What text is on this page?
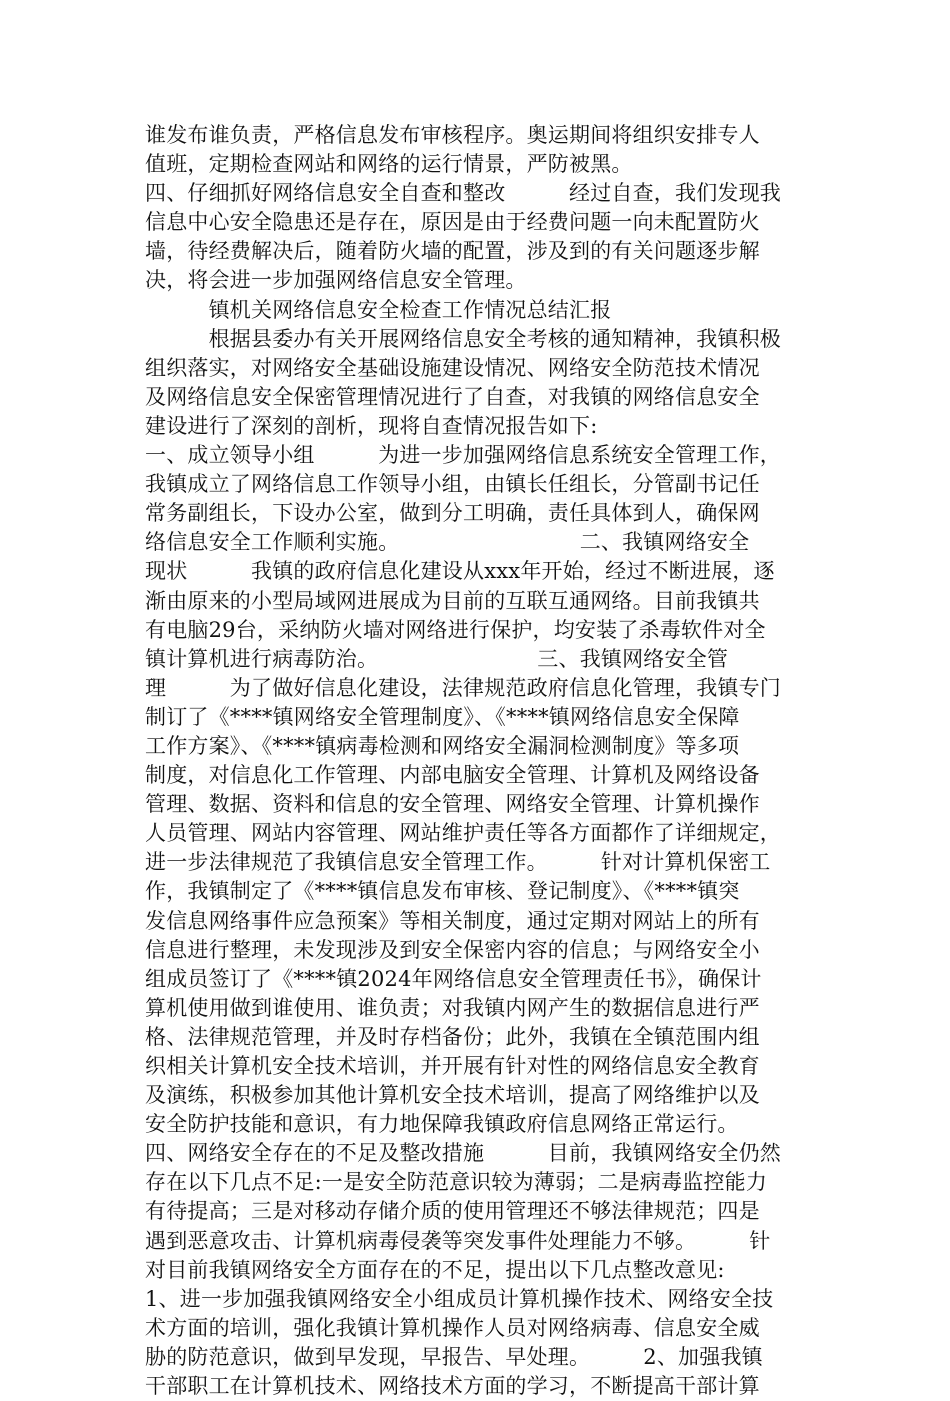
谁发布谁负责，严格信息发布审核程序。奥运期间将组织安排专人
值班，定期检查网站和网络的运行情景，严防被黑。
四、仔细抓好网络信息安全自查和整改　　　经过自查，我们发现我
信息中心安全隐患还是存在，原因是由于经费问题一向未配置防火
墙，待经费解决后，随着防火墙的配置，涉及到的有关问题逐步解
决，将会进一步加强网络信息安全管理。
　　　镇机关网络信息安全检查工作情况总结汇报
　　　根据县委办有关开展网络信息安全考核的通知精神，我镇积极
组织落实，对网络安全基础设施建设情况、网络安全防范技术情况
及网络信息安全保密管理情况进行了自查，对我镇的网络信息安全
建设进行了深刻的剖析，现将自查情况报告如下:
一、成立领导小组　　　为进一步加强网络信息系统安全管理工作，
我镇成立了网络信息工作领导小组，由镇长任组长，分管副书记任
常务副组长，下设办公室，做到分工明确，责任具体到人，确保网
络信息安全工作顺利实施。　　　　　　　　　二、我镇网络安全
现状　　　我镇的政府信息化建设从xxx年开始，经过不断进展，逐
渐由原来的小型局域网进展成为目前的互联互通网络。目前我镇共
有电脑29台，采纳防火墙对网络进行保护，均安装了杀毒软件对全
镇计算机进行病毒防治。　　　　　　　　三、我镇网络安全管
理　　　为了做好信息化建设，法律规范政府信息化管理，我镇专门
制订了《****镇网络安全管理制度》、《****镇网络信息安全保障
工作方案》、《****镇病毒检测和网络安全漏洞检测制度》等多项
制度，对信息化工作管理、内部电脑安全管理、计算机及网络设备
管理、数据、资料和信息的安全管理、网络安全管理、计算机操作
人员管理、网站内容管理、网站维护责任等各方面都作了详细规定，
进一步法律规范了我镇信息安全管理工作。　　　针对计算机保密工
作，我镇制定了《****镇信息发布审核、登记制度》、《****镇突
发信息网络事件应急预案》等相关制度，通过定期对网站上的所有
信息进行整理，未发现涉及到安全保密内容的信息；与网络安全小
组成员签订了《****镇2024年网络信息安全管理责任书》，确保计
算机使用做到谁使用、谁负责；对我镇内网产生的数据信息进行严
格、法律规范管理，并及时存档备份；此外，我镇在全镇范围内组
织相关计算机安全技术培训，并开展有针对性的网络信息安全教育
及演练，积极参加其他计算机安全技术培训，提高了网络维护以及
安全防护技能和意识，有力地保障我镇政府信息网络正常运行。
四、网络安全存在的不足及整改措施　　　目前，我镇网络安全仍然
存在以下几点不足:一是安全防范意识较为薄弱；二是病毒监控能力
有待提高；三是对移动存储介质的使用管理还不够法律规范；四是
遇到恶意攻击、计算机病毒侵袭等突发事件处理能力不够。　　　针
对目前我镇网络安全方面存在的不足，提出以下几点整改意见:
1、进一步加强我镇网络安全小组成员计算机操作技术、网络安全技
术方面的培训，强化我镇计算机操作人员对网络病毒、信息安全威
胁的防范意识，做到早发现，早报告、早处理。　　　2、加强我镇
干部职工在计算机技术、网络技术方面的学习，不断提高干部计算
